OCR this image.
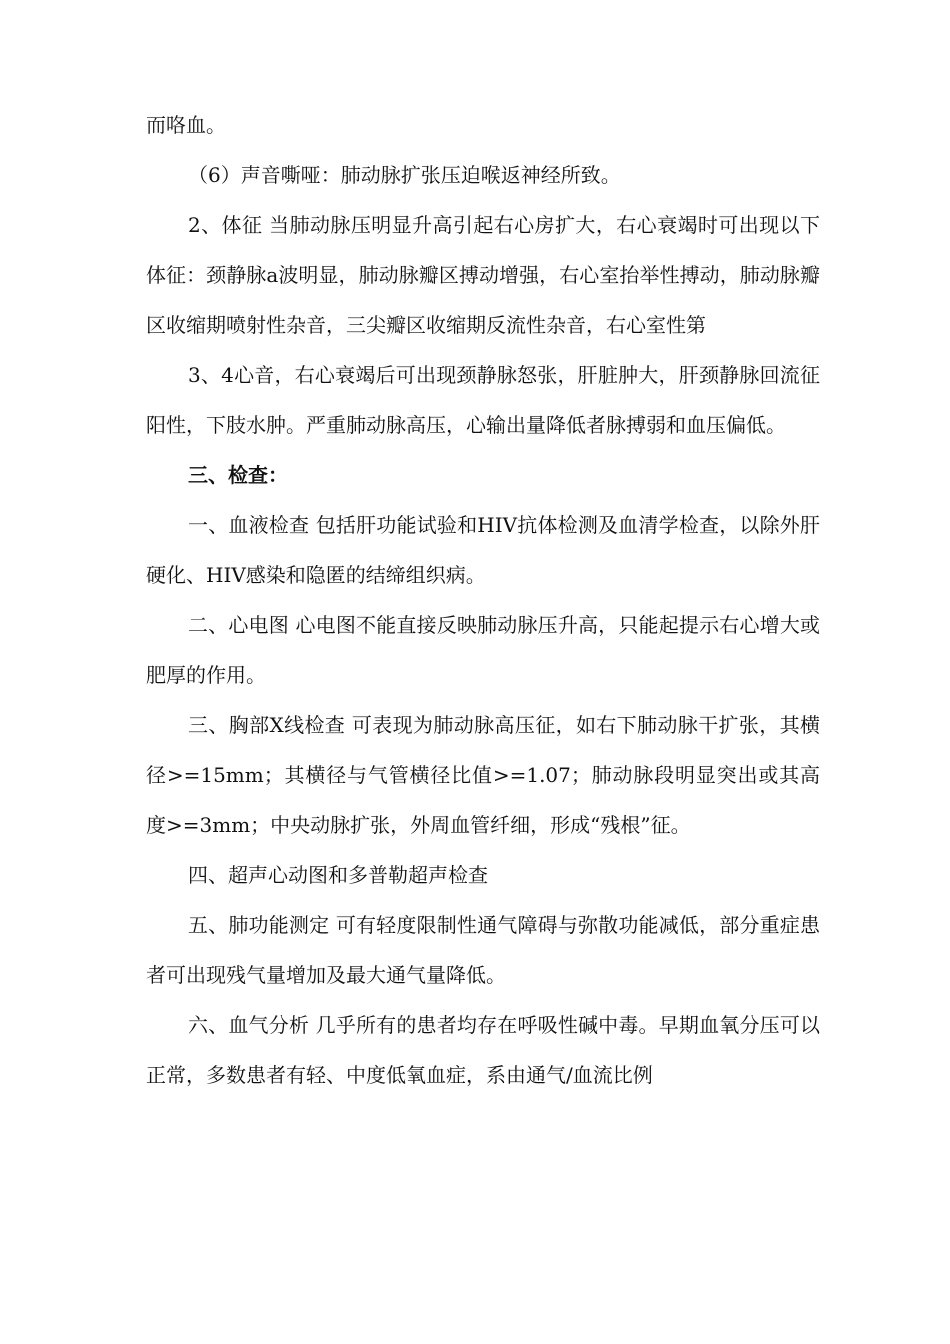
而咯血。

（6）声音嘶哑：肺动脉扩张压迫喉返神经所致。

2、体征 当肺动脉压明显升高引起右心房扩大，右心衰竭时可出现以下体征：颈静脉a波明显，肺动脉瓣区搏动增强，右心室抬举性搏动，肺动脉瓣区收缩期喷射性杂音，三尖瓣区收缩期反流性杂音，右心室性第

3、4心音，右心衰竭后可出现颈静脉怒张，肝脏肿大，肝颈静脉回流征阳性，下肢水肿。严重肺动脉高压，心输出量降低者脉搏弱和血压偏低。

三、检查：

一、血液检查 包括肝功能试验和HIV抗体检测及血清学检查，以除外肝硬化、HIV感染和隐匿的结缔组织病。

二、心电图 心电图不能直接反映肺动脉压升高，只能起提示右心增大或肥厚的作用。

三、胸部X线检查 可表现为肺动脉高压征，如右下肺动脉干扩张，其横径>=15mm；其横径与气管横径比值>=1.07；肺动脉段明显突出或其高度>=3mm；中央动脉扩张，外周血管纤细，形成“残根”征。

四、超声心动图和多普勒超声检查

五、肺功能测定 可有轻度限制性通气障碍与弥散功能减低，部分重症患者可出现残气量增加及最大通气量降低。

六、血气分析 几乎所有的患者均存在呼吸性碱中毒。早期血氧分压可以正常，多数患者有轻、中度低氧血症，系由通气/血流比例
